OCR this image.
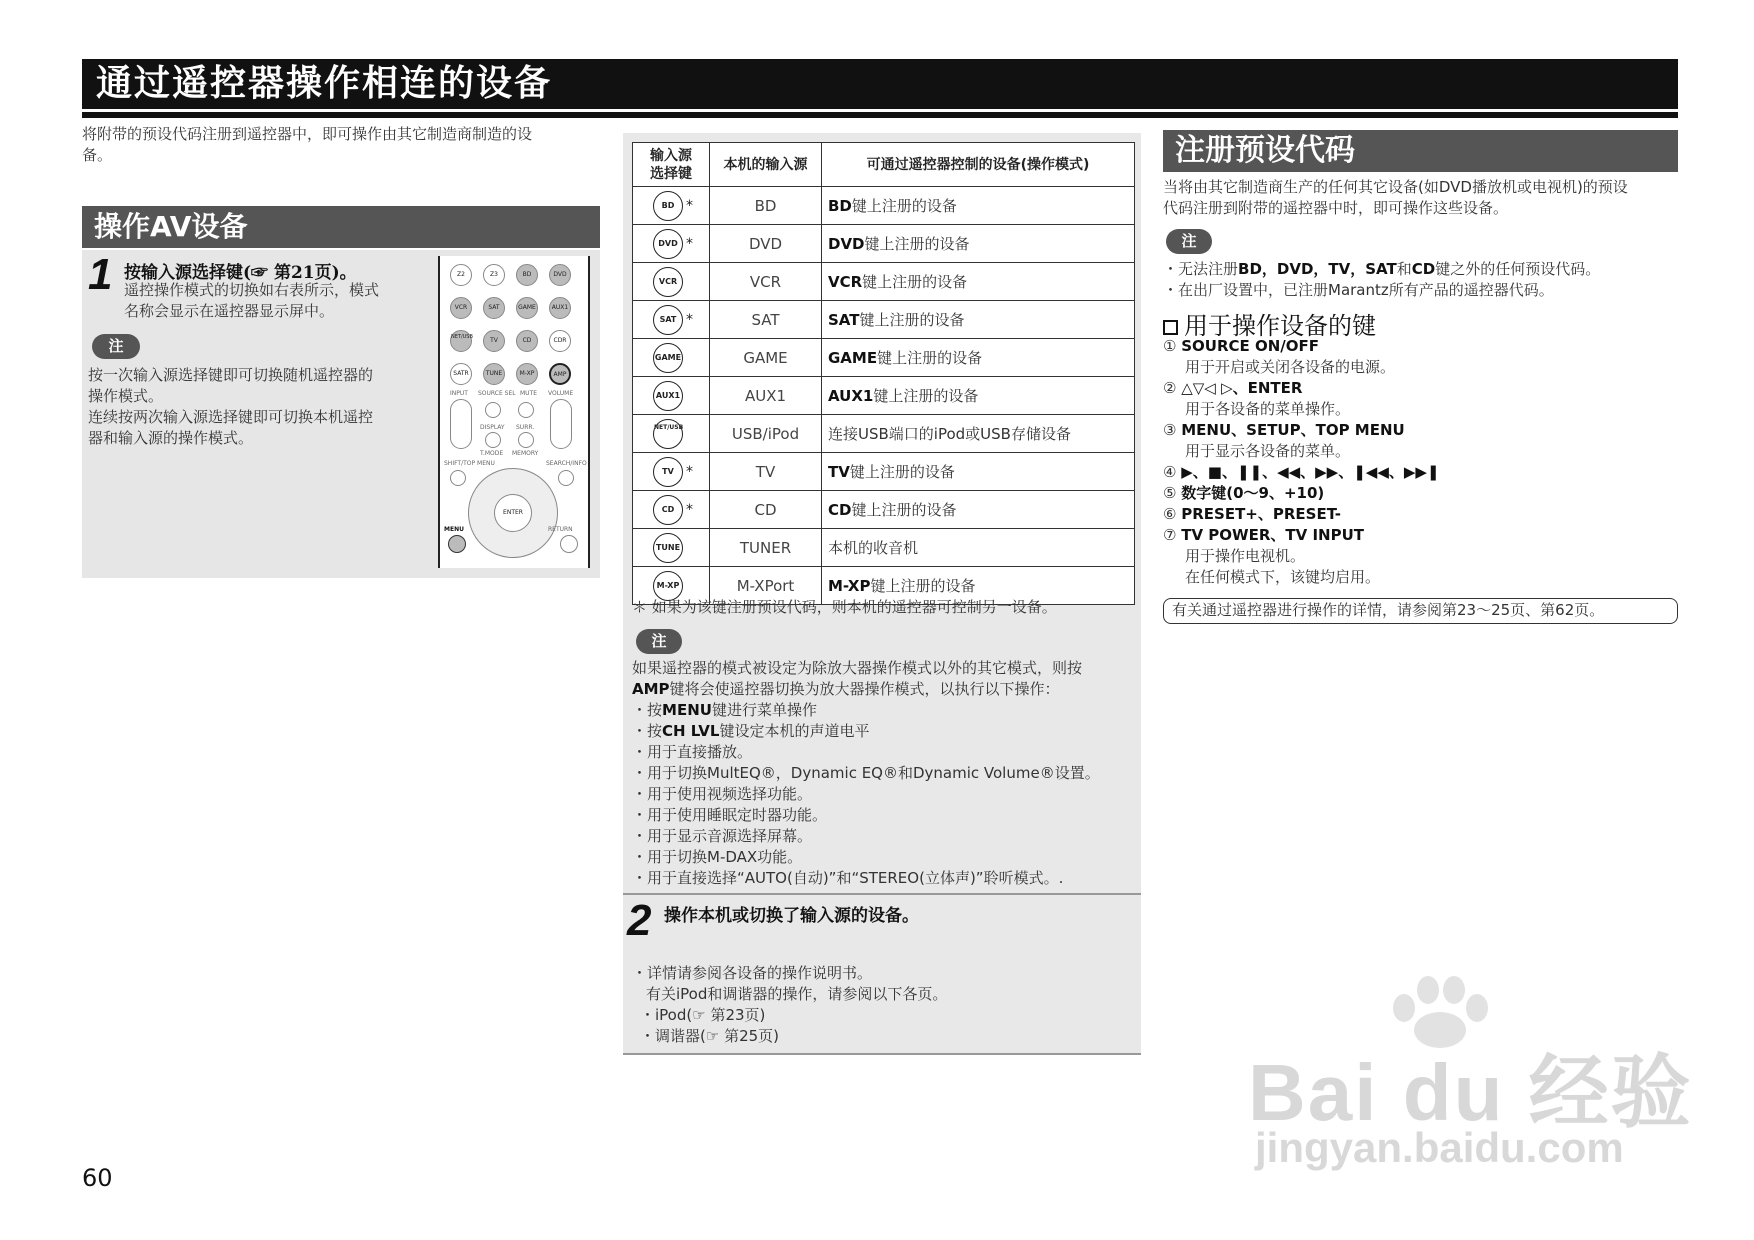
通过遥控器操作相连的设备
将附带的预设代码注册到遥控器中，即可操作由其它制造商制造的设
备。
操作AV设备
1 按输入源选择键(☞ 第21页)。
遥控操作模式的切换如右表所示，模式
名称会显示在遥控器显示屏中。
注
按一次输入源选择键即可切换随机遥控器的
操作模式。
连续按两次输入源选择键即可切换本机遥控
器和输入源的操作模式。
Z2	Z3	BD	DVD
VCR	SAT	GAME	AUX1
NET/USB	TV	CD	CDR
SATR	TUNE	M-XP	AMP
INPUT SOURCE SEL MUTE VOLUME
DISPLAY SURR.
T.MODE MEMORY
SHIFT/TOP MENU	SEARCH/INFO
ENTER
MENU	RETURN
输入源
选择键	本机的输入源	可通过遥控器控制的设备(操作模式)
BD *	BD	BD键上注册的设备
DVD *	DVD	DVD键上注册的设备
VCR	VCR	VCR键上注册的设备
SAT *	SAT	SAT键上注册的设备
GAME	GAME	GAME键上注册的设备
AUX1	AUX1	AUX1键上注册的设备
NET/USB	USB/iPod	连接USB端口的iPod或USB存储设备
TV *	TV	TV键上注册的设备
CD *	CD	CD键上注册的设备
TUNE	TUNER	本机的收音机
M-XP	M-XPort	M-XP键上注册的设备
＊ 如果为该键注册预设代码，则本机的遥控器可控制另一设备。
注
如果遥控器的模式被设定为除放大器操作模式以外的其它模式，则按
AMP键将会使遥控器切换为放大器操作模式，以执行以下操作：
・按MENU键进行菜单操作
・按CH LVL键设定本机的声道电平
・用于直接播放。
・用于切换MultEQ®，Dynamic EQ®和Dynamic Volume®设置。
・用于使用视频选择功能。
・用于使用睡眠定时器功能。
・用于显示音源选择屏幕。
・用于切换M-DAX功能。
・用于直接选择“AUTO(自动)”和“STEREO(立体声)”聆听模式。.
2 操作本机或切换了输入源的设备。
・详情请参阅各设备的操作说明书。
有关iPod和调谐器的操作，请参阅以下各页。
・iPod(☞ 第23页)
・调谐器(☞ 第25页)
注册预设代码
当将由其它制造商生产的任何其它设备(如DVD播放机或电视机)的预设
代码注册到附带的遥控器中时，即可操作这些设备。
注
・无法注册BD，DVD，TV，SAT和CD键之外的任何预设代码。
・在出厂设置中，已注册Marantz所有产品的遥控器代码。
用于操作设备的键
① SOURCE ON/OFF
用于开启或关闭各设备的电源。
② △▽◁ ▷、ENTER
用于各设备的菜单操作。
③ MENU、SETUP、TOP MENU
用于显示各设备的菜单。
④ ▶、■、❚❚、◀◀、▶▶、❚◀◀、▶▶❚
⑤ 数字键(0～9、+10)
⑥ PRESET+、PRESET-
⑦ TV POWER、TV INPUT
用于操作电视机。
在任何模式下，该键均启用。
有关通过遥控器进行操作的详情，请参阅第23～25页、第62页。
60
Bai du 经验
jingyan.baidu.com
